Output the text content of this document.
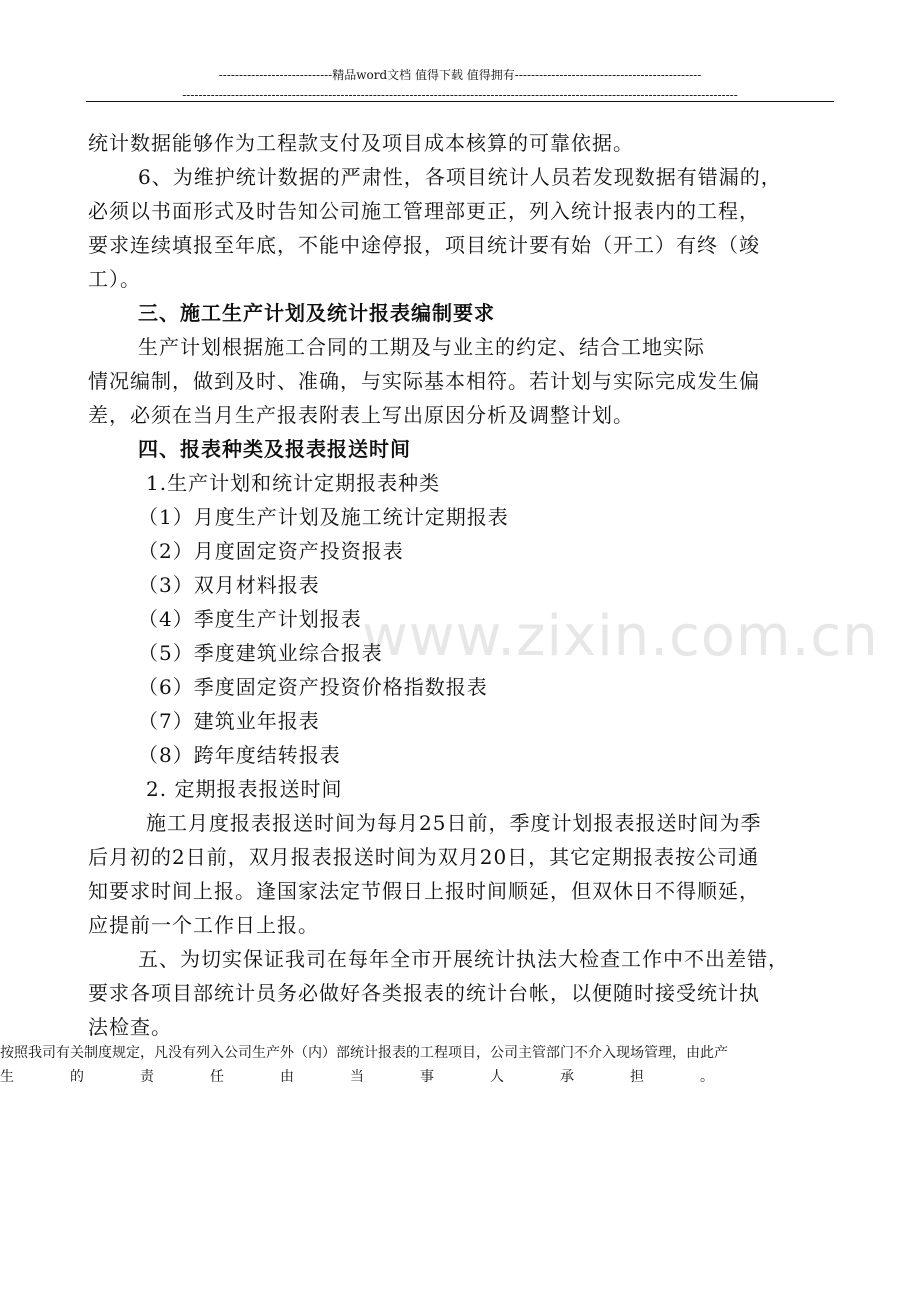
----------------------------精品word文档 值得下载 值得拥有----------------------------------------------
-----------------------------------------------------------------------------------------------------------------------------------------
www.zixin.com.cn
统计数据能够作为工程款支付及项目成本核算的可靠依据。
6、为维护统计数据的严肃性，各项目统计人员若发现数据有错漏的，
必须以书面形式及时告知公司施工管理部更正，列入统计报表内的工程，
要求连续填报至年底，不能中途停报，项目统计要有始（开工）有终（竣
工）。
三、施工生产计划及统计报表编制要求
生产计划根据施工合同的工期及与业主的约定、结合工地实际
情况编制，做到及时、准确，与实际基本相符。若计划与实际完成发生偏
差，必须在当月生产报表附表上写出原因分析及调整计划。
四、报表种类及报表报送时间
1.生产计划和统计定期报表种类
（1）月度生产计划及施工统计定期报表
（2）月度固定资产投资报表
（3）双月材料报表
（4）季度生产计划报表
（5）季度建筑业综合报表
（6）季度固定资产投资价格指数报表
（7）建筑业年报表
（8）跨年度结转报表
2. 定期报表报送时间
施工月度报表报送时间为每月25日前，季度计划报表报送时间为季
后月初的2日前，双月报表报送时间为双月20日，其它定期报表按公司通
知要求时间上报。逢国家法定节假日上报时间顺延，但双休日不得顺延，
应提前一个工作日上报。
五、为切实保证我司在每年全市开展统计执法大检查工作中不出差错，
要求各项目部统计员务必做好各类报表的统计台帐，以便随时接受统计执
法检查。
按照我司有关制度规定，凡没有列入公司生产外（内）部统计报表的工程项目，公司主管部门不介入现场管理，由此产
生　　　　的　　　　责　　　　任　　　　由　　　　当　　　　事　　　　人　　　　承　　　　担　　　　。
